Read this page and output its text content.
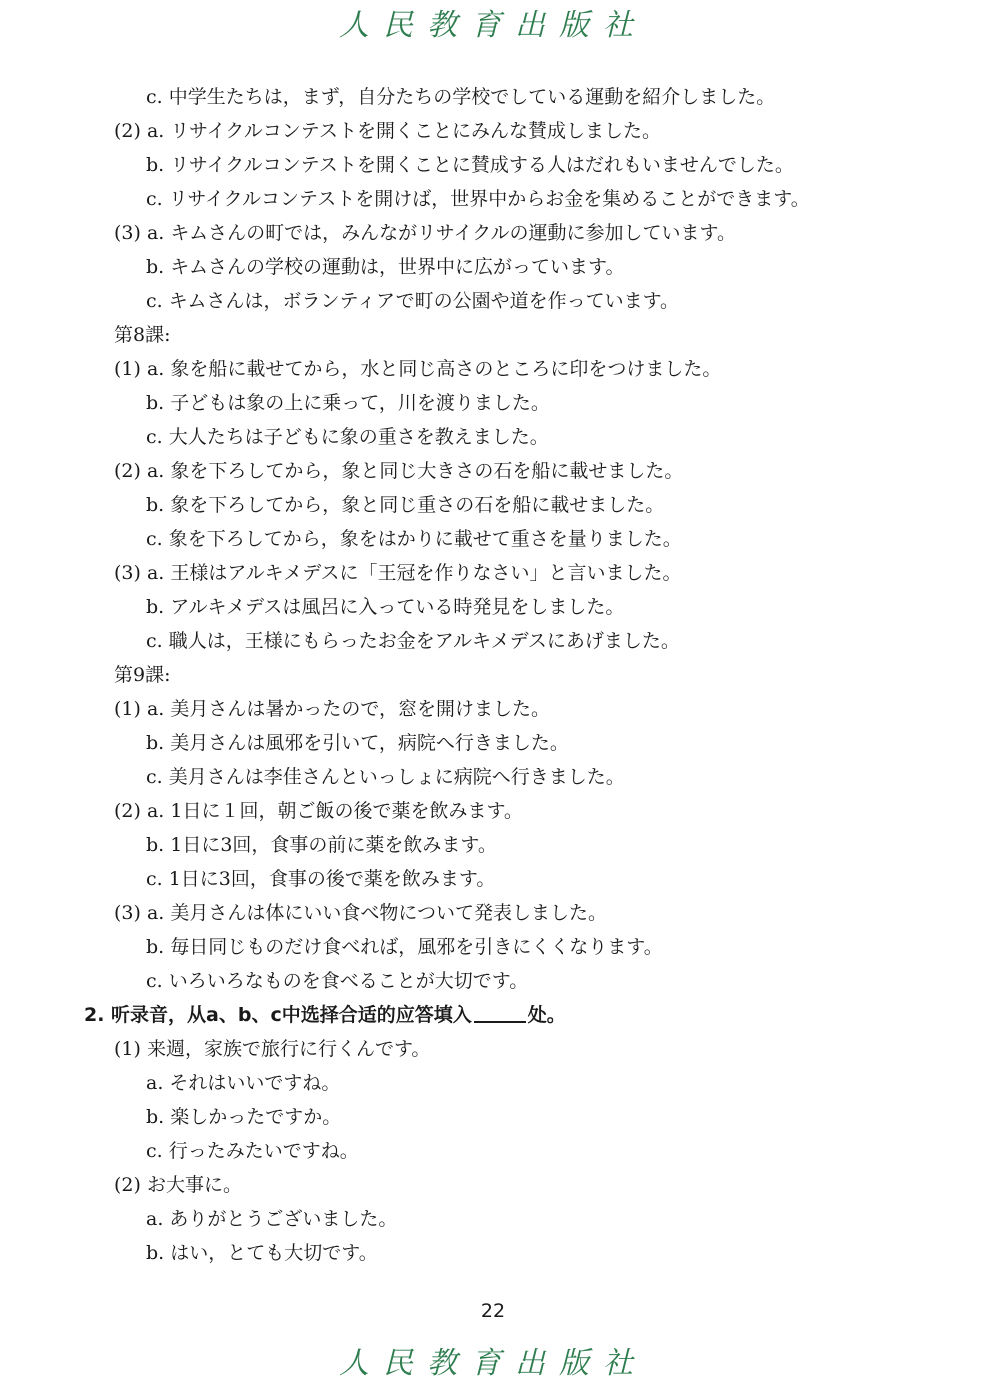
人民教育出版社
c. 中学生たちは，まず，自分たちの学校でしている運動を紹介しました。
(2) a. リサイクルコンテストを開くことにみんな賛成しました。
b. リサイクルコンテストを開くことに賛成する人はだれもいませんでした。
c. リサイクルコンテストを開けば，世界中からお金を集めることができます。
(3) a. キムさんの町では，みんながリサイクルの運動に参加しています。
b. キムさんの学校の運動は，世界中に広がっています。
c. キムさんは，ボランティアで町の公園や道を作っています。
第8課:
(1) a. 象を船に載せてから，水と同じ高さのところに印をつけました。
b. 子どもは象の上に乗って，川を渡りました。
c. 大人たちは子どもに象の重さを教えました。
(2) a. 象を下ろしてから，象と同じ大きさの石を船に載せました。
b. 象を下ろしてから，象と同じ重さの石を船に載せました。
c. 象を下ろしてから，象をはかりに載せて重さを量りました。
(3) a. 王様はアルキメデスに「王冠を作りなさい」と言いました。
b. アルキメデスは風呂に入っている時発見をしました。
c. 職人は，王様にもらったお金をアルキメデスにあげました。
第9課:
(1) a. 美月さんは暑かったので，窓を開けました。
b. 美月さんは風邪を引いて，病院へ行きました。
c. 美月さんは李佳さんといっしょに病院へ行きました。
(2) a. 1日に１回，朝ご飯の後で薬を飲みます。
b. 1日に3回，食事の前に薬を飲みます。
c. 1日に3回，食事の後で薬を飲みます。
(3) a. 美月さんは体にいい食べ物について発表しました。
b. 毎日同じものだけ食べれば，風邪を引きにくくなります。
c. いろいろなものを食べることが大切です。
2. 听录音，从a、b、c中选择合适的应答填入	处。
(1) 来週，家族で旅行に行くんです。
a. それはいいですね。
b. 楽しかったですか。
c. 行ったみたいですね。
(2) お大事に。
a. ありがとうございました。
b. はい，とても大切です。
22
人民教育出版社
